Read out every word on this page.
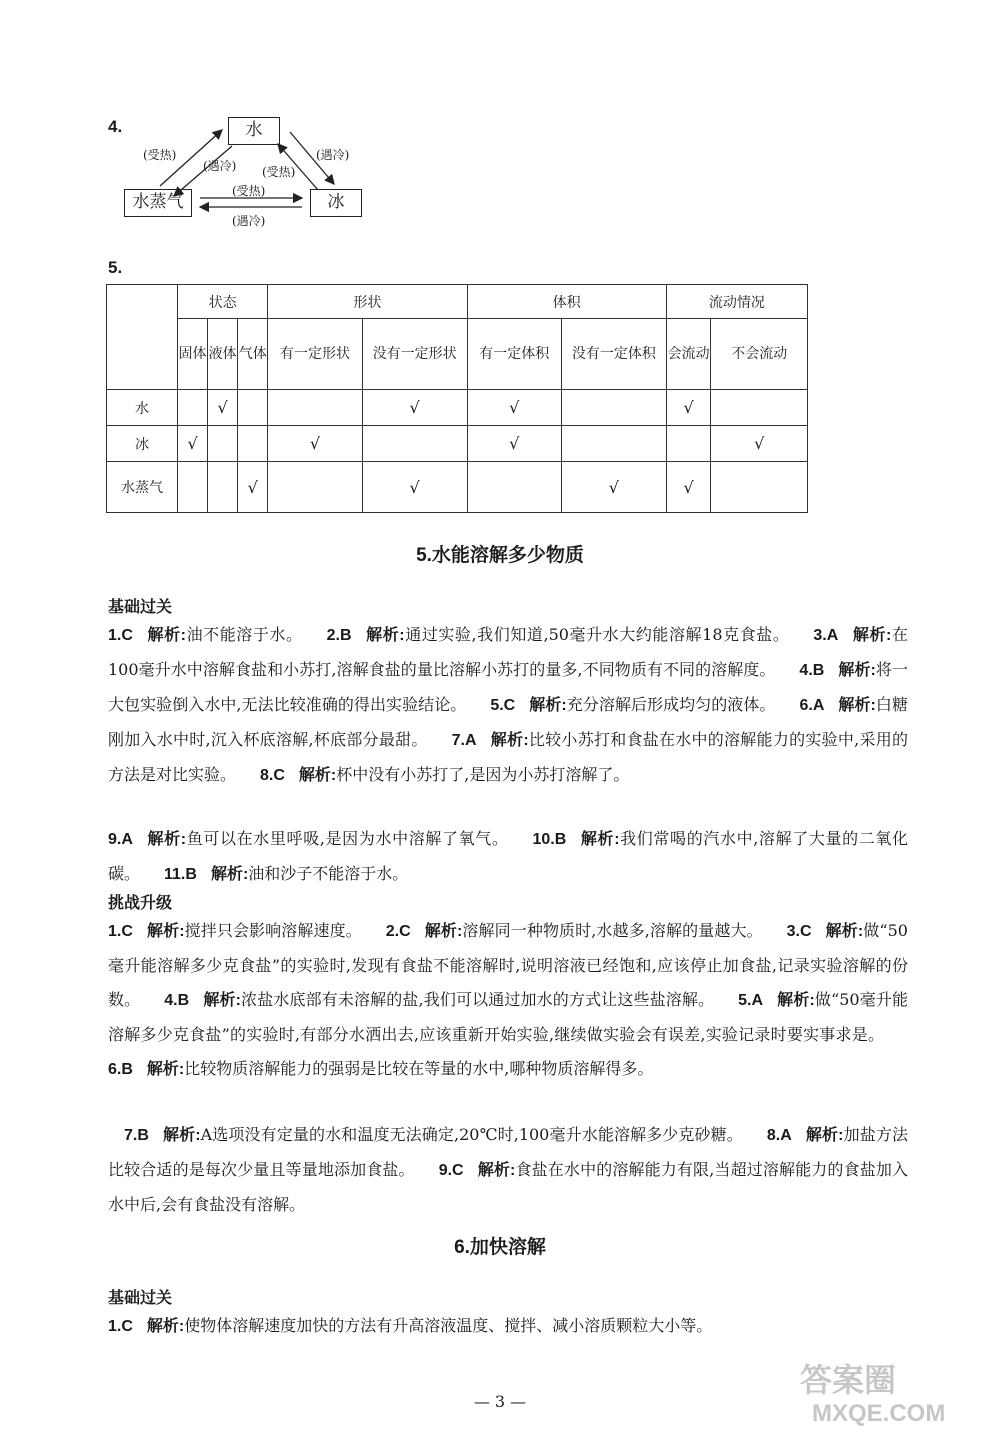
4.	水
水蒸气	冰
(受热)
(遇冷)
(遇冷)
(受热)
(受热)
(遇冷)
5.
	状态			形状		体积		流动情况	
	固体	液体	气体	有一定形状	没有一定形状	有一定体积	没有一定体积	会流动	不会流动
水		√			√	√		√	
冰	√			√		√			√
水蒸气			√		√		√	√	
5.水能溶解多少物质
基础过关
1.C 解析:油不能溶于水。 2.B 解析:通过实验,我们知道,50毫升水大约能溶解18克食盐。 3.A 解析:在100毫升水中溶解食盐和小苏打,溶解食盐的量比溶解小苏打的量多,不同物质有不同的溶解度。 4.B 解析:将一大包实验倒入水中,无法比较准确的得出实验结论。 5.C 解析:充分溶解后形成均匀的液体。 6.A 解析:白糖刚加入水中时,沉入杯底溶解,杯底部分最甜。 7.A 解析:比较小苏打和食盐在水中的溶解能力的实验中,采用的方法是对比实验。 8.C 解析:杯中没有小苏打了,是因为小苏打溶解了。
9.A 解析:鱼可以在水里呼吸,是因为水中溶解了氧气。 10.B 解析:我们常喝的汽水中,溶解了大量的二氧化碳。 11.B 解析:油和沙子不能溶于水。
挑战升级
1.C 解析:搅拌只会影响溶解速度。 2.C 解析:溶解同一种物质时,水越多,溶解的量越大。 3.C 解析:做“50毫升能溶解多少克食盐”的实验时,发现有食盐不能溶解时,说明溶液已经饱和,应该停止加食盐,记录实验溶解的份数。 4.B 解析:浓盐水底部有未溶解的盐,我们可以通过加水的方式让这些盐溶解。 5.A 解析:做“50毫升能溶解多少克食盐”的实验时,有部分水洒出去,应该重新开始实验,继续做实验会有误差,实验记录时要实事求是。6.B 解析:比较物质溶解能力的强弱是比较在等量的水中,哪种物质溶解得多。
7.B 解析:A选项没有定量的水和温度无法确定,20℃时,100毫升水能溶解多少克砂糖。 8.A 解析:加盐方法比较合适的是每次少量且等量地添加食盐。 9.C 解析:食盐在水中的溶解能力有限,当超过溶解能力的食盐加入水中后,会有食盐没有溶解。
6.加快溶解
基础过关
1.C 解析:使物体溶解速度加快的方法有升高溶液温度、搅拌、减小溶质颗粒大小等。
— 3 —
答案圈
MXQE.COM
